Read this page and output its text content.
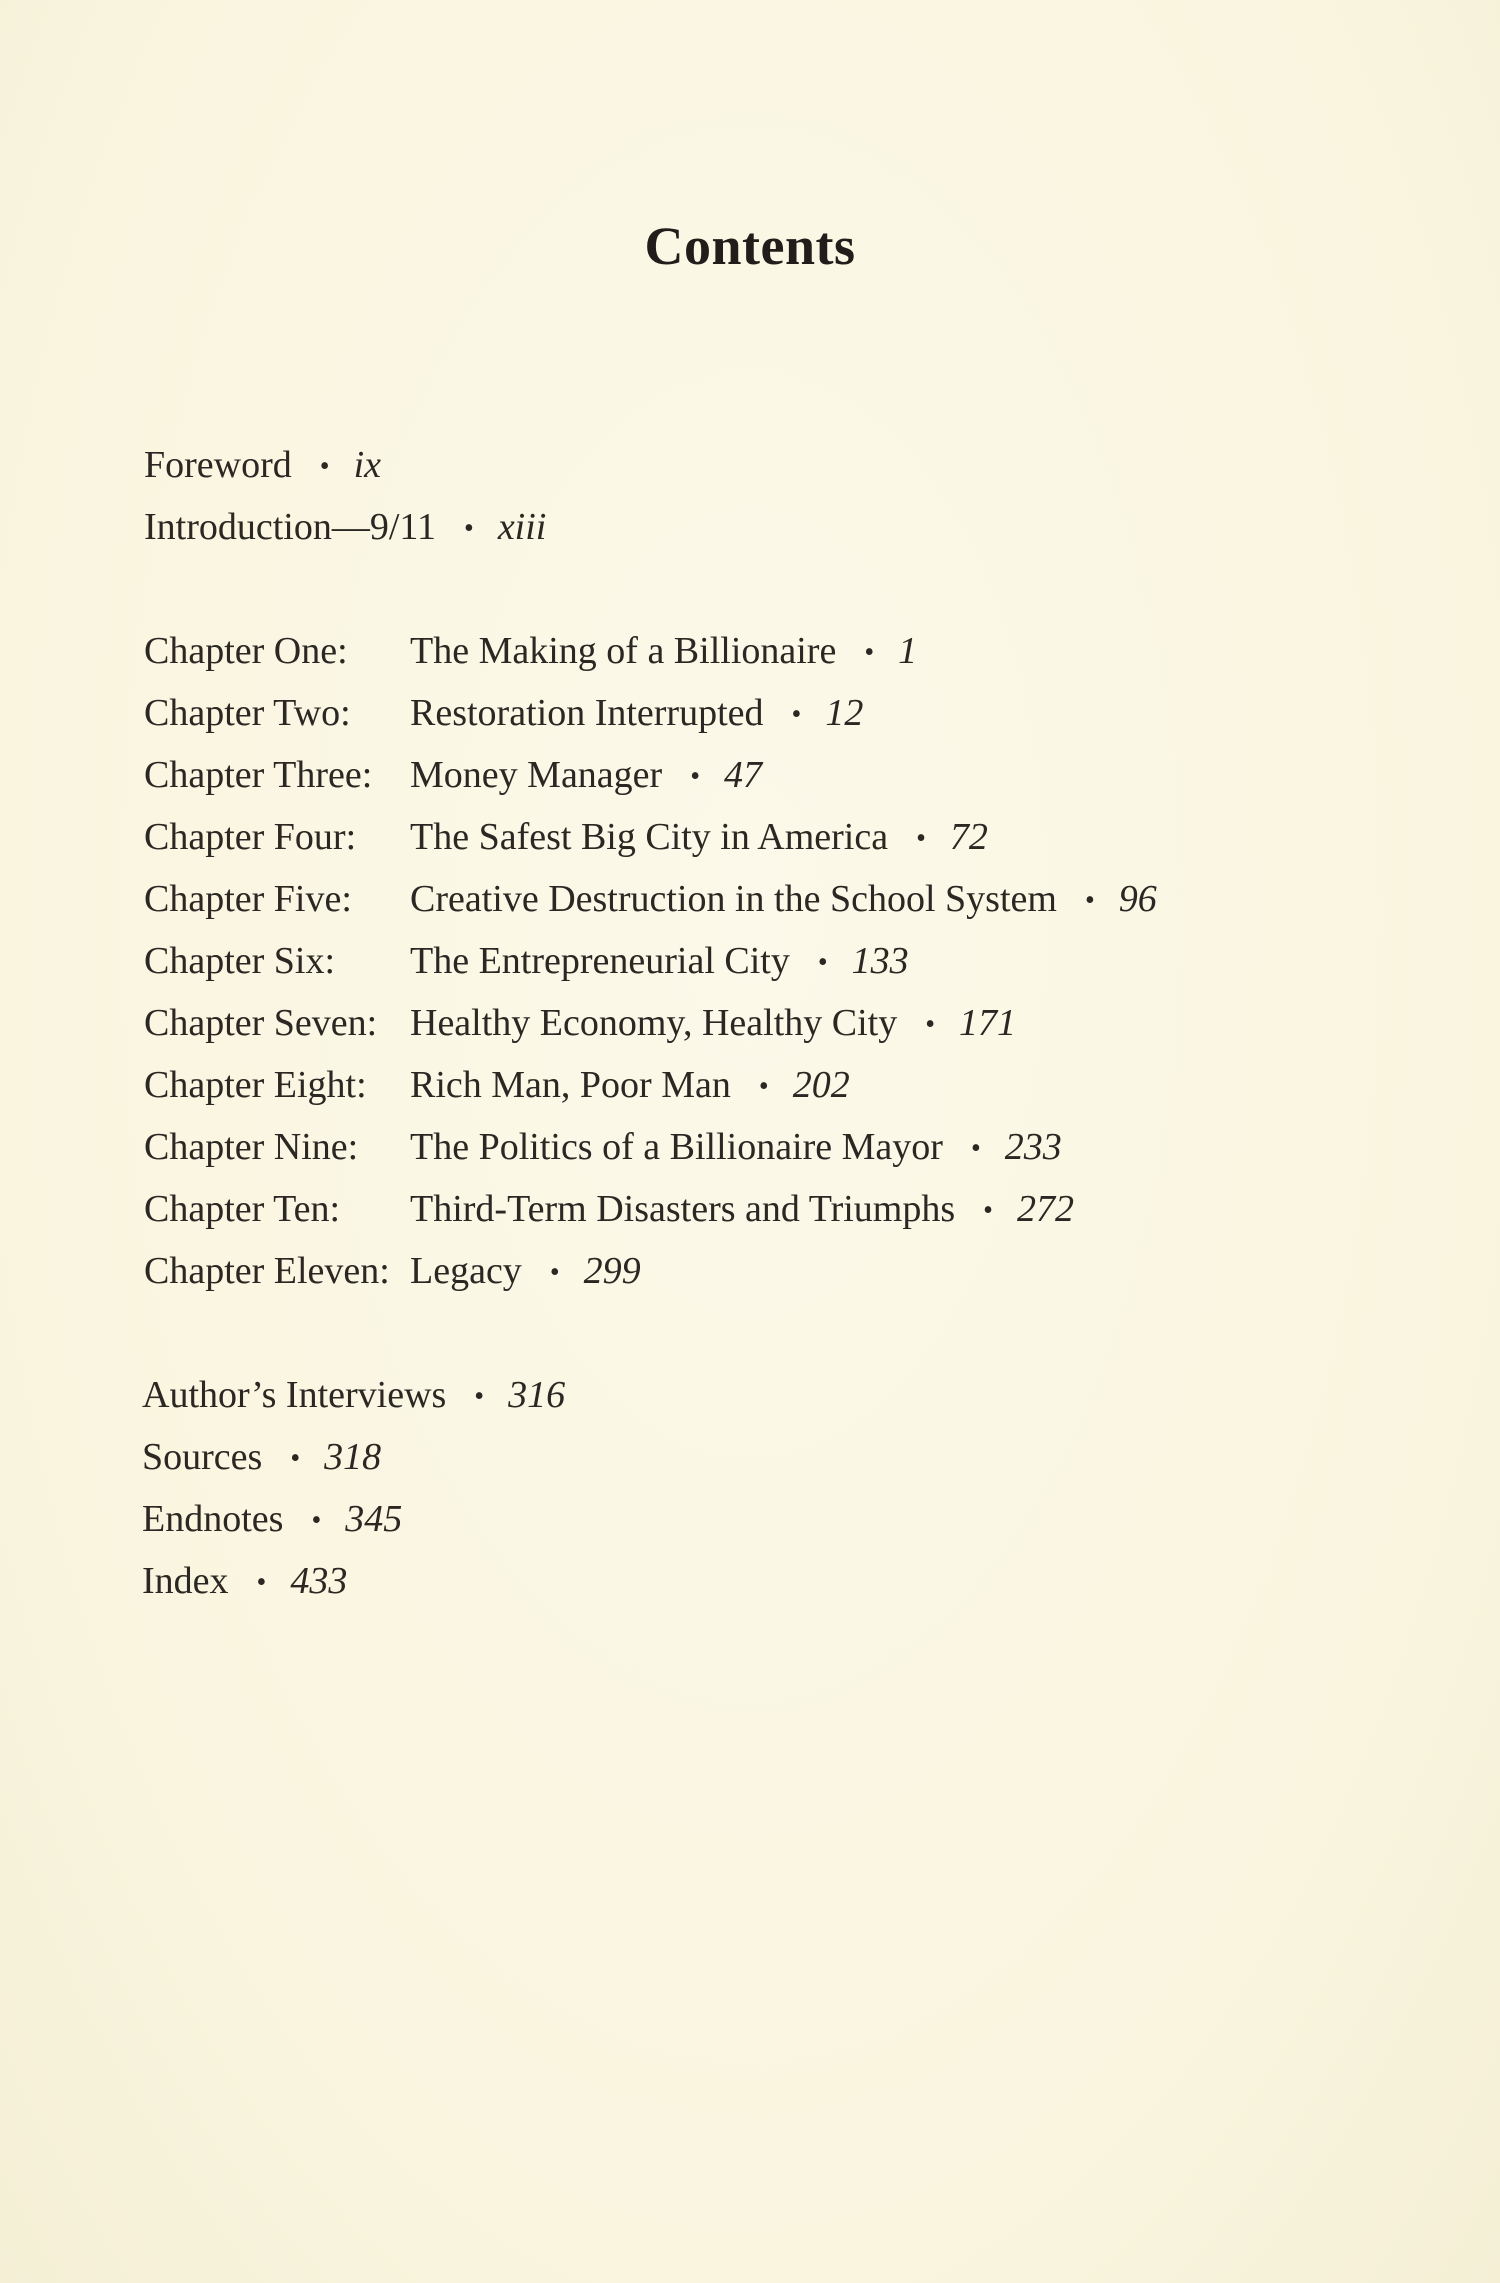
Contents
Foreword • ix
Introduction—9/11 • xiii
Chapter One: The Making of a Billionaire • 1
Chapter Two: Restoration Interrupted • 12
Chapter Three: Money Manager • 47
Chapter Four: The Safest Big City in America • 72
Chapter Five: Creative Destruction in the School System • 96
Chapter Six: The Entrepreneurial City • 133
Chapter Seven: Healthy Economy, Healthy City • 171
Chapter Eight: Rich Man, Poor Man • 202
Chapter Nine: The Politics of a Billionaire Mayor • 233
Chapter Ten: Third-Term Disasters and Triumphs • 272
Chapter Eleven: Legacy • 299
Author’s Interviews • 316
Sources • 318
Endnotes • 345
Index • 433
